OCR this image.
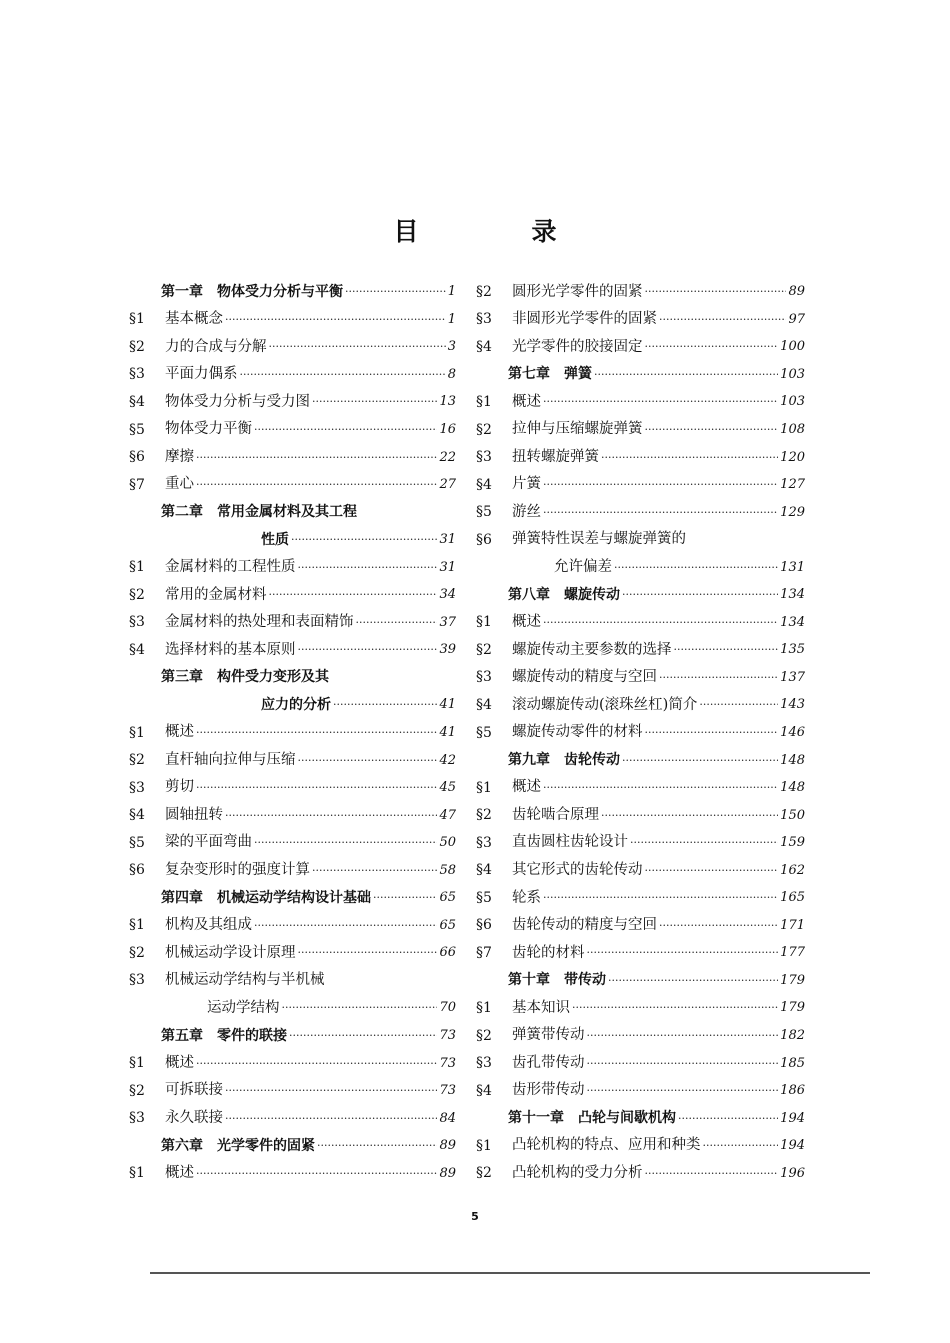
目　录
第一章　物体受力分析与平衡 ·····	1
§1	基本概念 ·····	1
§2	力的合成与分解 ·····	3
§3	平面力偶系 ·····	8
§4	物体受力分析与受力图 ·····	13
§5	物体受力平衡 ·····	16
§6	摩擦 ·····	22
§7	重心 ·····	27
第二章　常用金属材料及其工程
性质 ·····	31
§1	金属材料的工程性质 ·····	31
§2	常用的金属材料 ·····	34
§3	金属材料的热处理和表面精饰 ·····	37
§4	选择材料的基本原则 ·····	39
第三章　构件受力变形及其
应力的分析 ·····	41
§1	概述 ·····	41
§2	直杆轴向拉伸与压缩 ·····	42
§3	剪切 ·····	45
§4	圆轴扭转 ·····	47
§5	梁的平面弯曲 ·····	50
§6	复杂变形时的强度计算 ·····	58
第四章　机械运动学结构设计基础 ·····	65
§1	机构及其组成 ·····	65
§2	机械运动学设计原理 ·····	66
§3	机械运动学结构与半机械
运动学结构 ·····	70
第五章　零件的联接 ·····	73
§1	概述 ·····	73
§2	可拆联接 ·····	73
§3	永久联接 ·····	84
第六章　光学零件的固紧 ·····	89
§1	概述 ·····	89
§2	圆形光学零件的固紧 ·····	89
§3	非圆形光学零件的固紧 ·····	97
§4	光学零件的胶接固定 ·····	100
第七章　弹簧 ·····	103
§1	概述 ·····	103
§2	拉伸与压缩螺旋弹簧 ·····	108
§3	扭转螺旋弹簧 ·····	120
§4	片簧 ·····	127
§5	游丝 ·····	129
§6	弹簧特性误差与螺旋弹簧的
允许偏差 ·····	131
第八章　螺旋传动 ·····	134
§1	概述 ·····	134
§2	螺旋传动主要参数的选择 ·····	135
§3	螺旋传动的精度与空回 ·····	137
§4	滚动螺旋传动(滚珠丝杠)简介 ·····	143
§5	螺旋传动零件的材料 ·····	146
第九章　齿轮传动 ·····	148
§1	概述 ·····	148
§2	齿轮啮合原理 ·····	150
§3	直齿圆柱齿轮设计 ·····	159
§4	其它形式的齿轮传动 ·····	162
§5	轮系 ·····	165
§6	齿轮传动的精度与空回 ·····	171
§7	齿轮的材料 ·····	177
第十章　带传动 ·····	179
§1	基本知识 ·····	179
§2	弹簧带传动 ·····	182
§3	齿孔带传动 ·····	185
§4	齿形带传动 ·····	186
第十一章　凸轮与间歇机构 ·····	194
§1	凸轮机构的特点、应用和种类 ·····	194
§2	凸轮机构的受力分析 ·····	196
5
